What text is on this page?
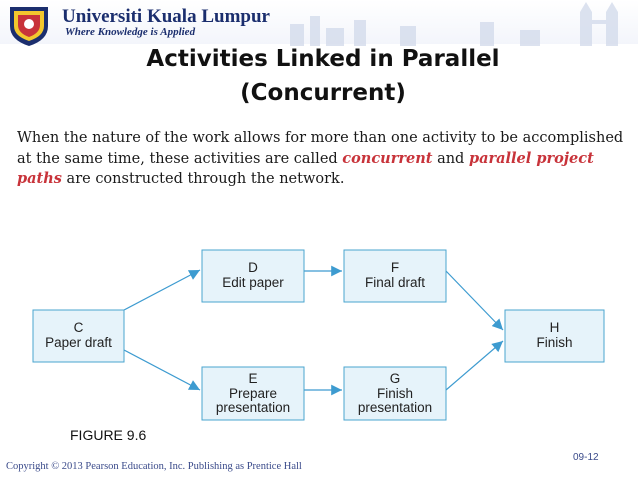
Universiti Kuala Lumpur
Where Knowledge is Applied
Activities Linked in Parallel
(Concurrent)
When the nature of the work allows for more than one activity to be accomplished at the same time, these activities are called concurrent and parallel project paths are constructed through the network.
C
Paper draft
D
Edit paper
E
Prepare
presentation
F
Final draft
G
Finish
presentation
H
Finish
FIGURE 9.6
09-12
Copyright © 2013 Pearson Education, Inc. Publishing as Prentice Hall
